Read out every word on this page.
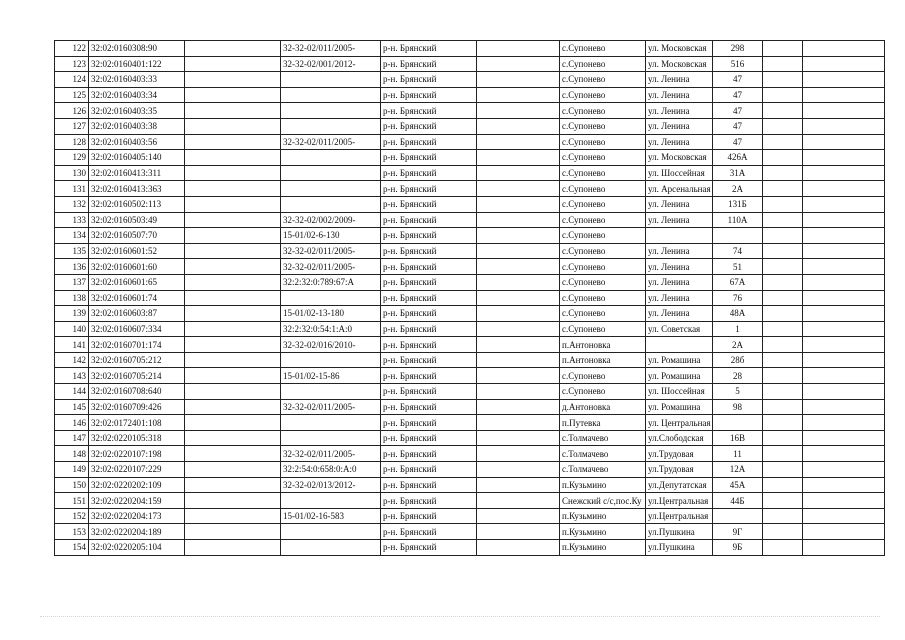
122	32:02:0160308:90		32-32-02/011/2005-	р-н. Брянский		с.Супонево	ул. Московская	298		
123	32:02:0160401:122		32-32-02/001/2012-	р-н. Брянский		с.Супонево	ул. Московская	516		
124	32:02:0160403:33			р-н. Брянский		с.Супонево	ул. Ленина	47		
125	32:02:0160403:34			р-н. Брянский		с.Супонево	ул. Ленина	47		
126	32:02:0160403:35			р-н. Брянский		с.Супонево	ул. Ленина	47		
127	32:02:0160403:38			р-н. Брянский		с.Супонево	ул. Ленина	47		
128	32:02:0160403:56		32-32-02/011/2005-	р-н. Брянский		с.Супонево	ул. Ленина	47		
129	32:02:0160405:140			р-н. Брянский		с.Супонево	ул. Московская	426А		
130	32:02:0160413:311			р-н. Брянский		с.Супонево	ул. Шоссейная	31А		
131	32:02:0160413:363			р-н. Брянский		с.Супонево	ул. Арсенальная	2А		
132	32:02:0160502:113			р-н. Брянский		с.Супонево	ул. Ленина	131Б		
133	32:02:0160503:49		32-32-02/002/2009-	р-н. Брянский		с.Супонево	ул. Ленина	110А		
134	32:02:0160507:70		15-01/02-6-130	р-н. Брянский		с.Супонево				
135	32:02:0160601:52		32-32-02/011/2005-	р-н. Брянский		с.Супонево	ул. Ленина	74		
136	32:02:0160601:60		32-32-02/011/2005-	р-н. Брянский		с.Супонево	ул. Ленина	51		
137	32:02:0160601:65		32:2:32:0:789:67:А	р-н. Брянский		с.Супонево	ул. Ленина	67А		
138	32:02:0160601:74			р-н. Брянский		с.Супонево	ул. Ленина	76		
139	32:02:0160603:87		15-01/02-13-180	р-н. Брянский		с.Супонево	ул. Ленина	48А		
140	32:02:0160607:334		32:2:32:0:54:1:А:0	р-н. Брянский		с.Супонево	ул. Советская	1		
141	32:02:0160701:174		32-32-02/016/2010-	р-н. Брянский		п.Антоновка		2А		
142	32:02:0160705:212			р-н. Брянский		п.Антоновка	ул. Ромашина	28б		
143	32:02:0160705:214		15-01/02-15-86	р-н. Брянский		с.Супонево	ул. Ромашина	28		
144	32:02:0160708:640			р-н. Брянский		с.Супонево	ул. Шоссейная	5		
145	32:02:0160709:426		32-32-02/011/2005-	р-н. Брянский		д.Антоновка	ул. Ромашина	98		
146	32:02:0172401:108			р-н. Брянский		п.Путевка	ул. Центральная			
147	32:02:0220105:318			р-н. Брянский		с.Толмачево	ул.Слободская	16В		
148	32:02:0220107:198		32-32-02/011/2005-	р-н. Брянский		с.Толмачево	ул.Трудовая	11		
149	32:02:0220107:229		32:2:54:0:658:0:А:0	р-н. Брянский		с.Толмачево	ул.Трудовая	12А		
150	32:02:0220202:109		32-32-02/013/2012-	р-н. Брянский		п.Кузьмино	ул.Депутатская	45А		
151	32:02:0220204:159			р-н. Брянский		Снежский с/с,пос.Ку	ул.Центральная	44Б		
152	32:02:0220204:173		15-01/02-16-583	р-н. Брянский		п.Кузьмино	ул.Центральная			
153	32:02:0220204:189			р-н. Брянский		п.Кузьмино	ул.Пушкина	9Г		
154	32:02:0220205:104			р-н. Брянский		п.Кузьмино	ул.Пушкина	9Б		
